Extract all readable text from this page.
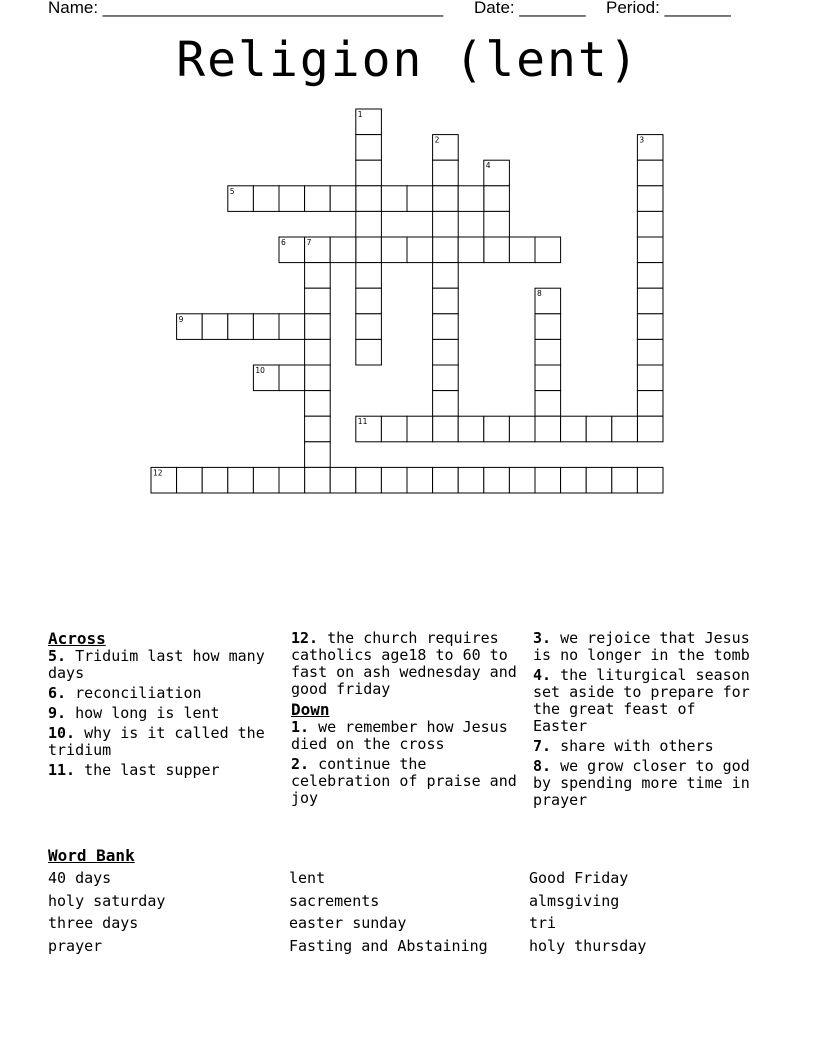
Name: ____________________________________ Date: _______ Period: _______
Religion (lent)
1
2	3
4
5
6	7
8
9
10
11
12
Across
5. Triduim last how many days
6. reconciliation
9. how long is lent
10. why is it called the tridium
11. the last supper
12. the church requires catholics age18 to 60 to fast on ash wednesday and good friday
Down
1. we remember how Jesus died on the cross
2. continue the celebration of praise and joy
3. we rejoice that Jesus is no longer in the tomb
4. the liturgical season set aside to prepare for the great feast of Easter
7. share with others
8. we grow closer to god by spending more time in prayer
Word Bank
40 days
holy saturday
three days
prayer
lent
sacrements
easter sunday
Fasting and Abstaining
Good Friday
almsgiving
tri
holy thursday
